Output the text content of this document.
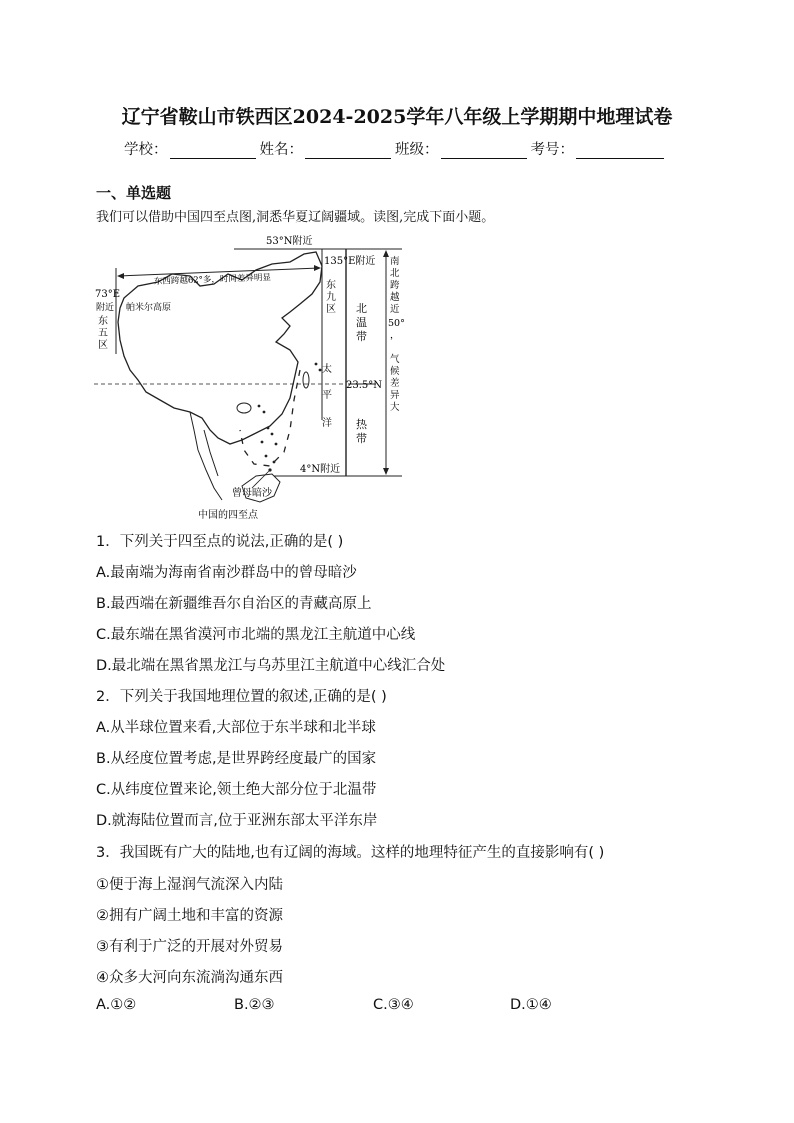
辽宁省鞍山市铁西区2024-2025学年八年级上学期期中地理试卷
学校：	姓名：	班级：	考号：
一、单选题
我们可以借助中国四至点图,洞悉华夏辽阔疆域。读图,完成下面小题。
53°N附近
135°E附近
73°E
附近
东西跨越62°多，时间差异明显
帕米尔高原
东
九
区
东
五
区
北
温
带
太
平
洋
23.5°N
热
带
4°N附近
南
北
跨
越
近
50°
，
气
候
差
异
大
曾母暗沙
中国的四至点
1．下列关于四至点的说法,正确的是( )
A.最南端为海南省南沙群岛中的曾母暗沙
B.最西端在新疆维吾尔自治区的青藏高原上
C.最东端在黑省漠河市北端的黑龙江主航道中心线
D.最北端在黑省黑龙江与乌苏里江主航道中心线汇合处
2．下列关于我国地理位置的叙述,正确的是( )
A.从半球位置来看,大部位于东半球和北半球
B.从经度位置考虑,是世界跨经度最广的国家
C.从纬度位置来论,领土绝大部分位于北温带
D.就海陆位置而言,位于亚洲东部太平洋东岸
3．我国既有广大的陆地,也有辽阔的海域。这样的地理特征产生的直接影响有( )
①便于海上湿润气流深入内陆
②拥有广阔土地和丰富的资源
③有利于广泛的开展对外贸易
④众多大河向东流淌沟通东西
A.①②	B.②③	C.③④	D.①④
